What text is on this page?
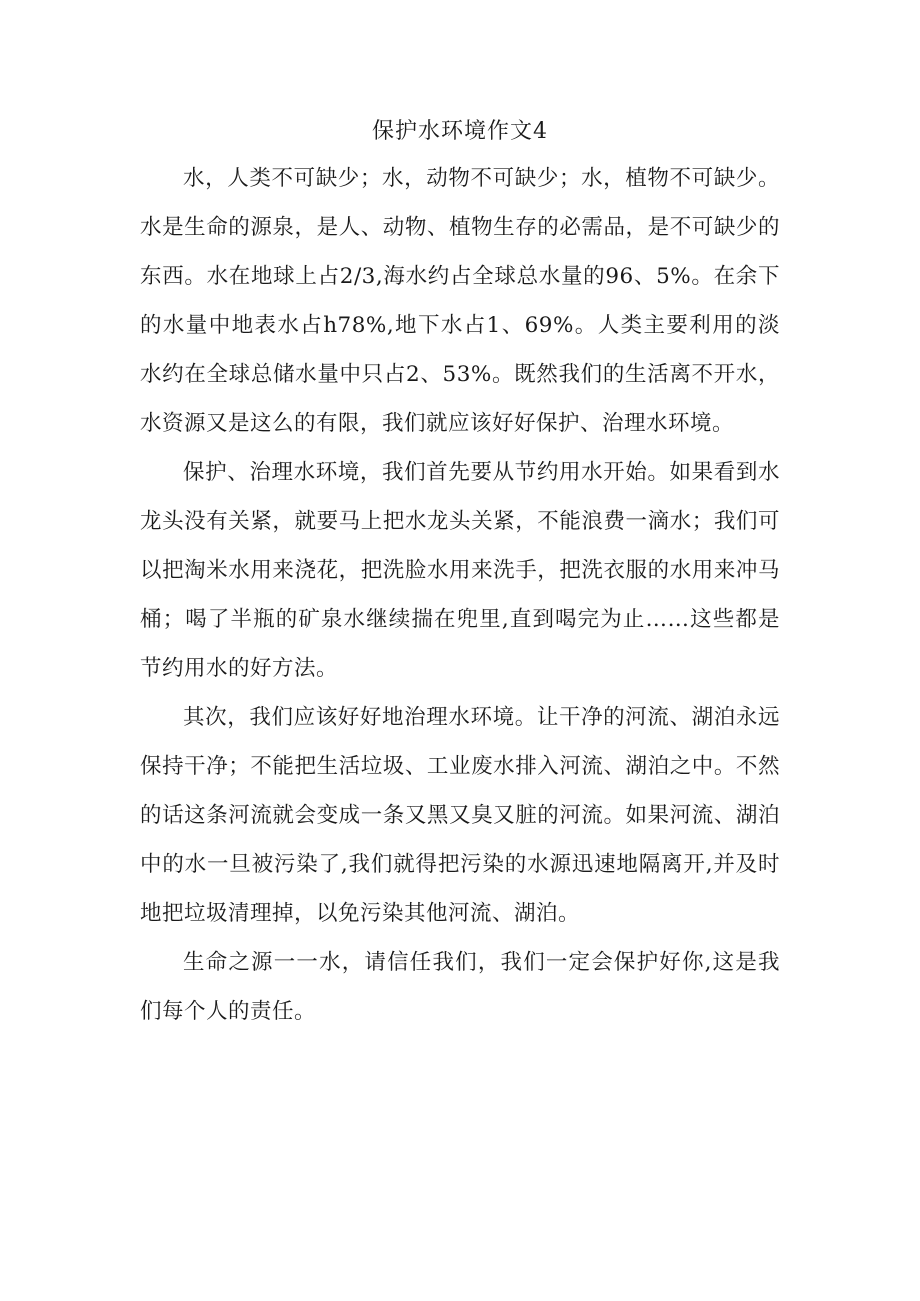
保护水环境作文4

水，人类不可缺少；水，动物不可缺少；水，植物不可缺少。水是生命的源泉，是人、动物、植物生存的必需品，是不可缺少的东西。水在地球上占2/3,海水约占全球总水量的96、5%。在余下的水量中地表水占h78%,地下水占1、69%。人类主要利用的淡水约在全球总储水量中只占2、53%。既然我们的生活离不开水，水资源又是这么的有限，我们就应该好好保护、治理水环境。

保护、治理水环境，我们首先要从节约用水开始。如果看到水龙头没有关紧，就要马上把水龙头关紧，不能浪费一滴水；我们可以把淘米水用来浇花，把洗脸水用来洗手，把洗衣服的水用来冲马桶；喝了半瓶的矿泉水继续揣在兜里,直到喝完为止……这些都是节约用水的好方法。

其次，我们应该好好地治理水环境。让干净的河流、湖泊永远保持干净；不能把生活垃圾、工业废水排入河流、湖泊之中。不然的话这条河流就会变成一条又黑又臭又脏的河流。如果河流、湖泊中的水一旦被污染了,我们就得把污染的水源迅速地隔离开,并及时地把垃圾清理掉，以免污染其他河流、湖泊。

生命之源一一水，请信任我们，我们一定会保护好你,这是我们每个人的责任。
